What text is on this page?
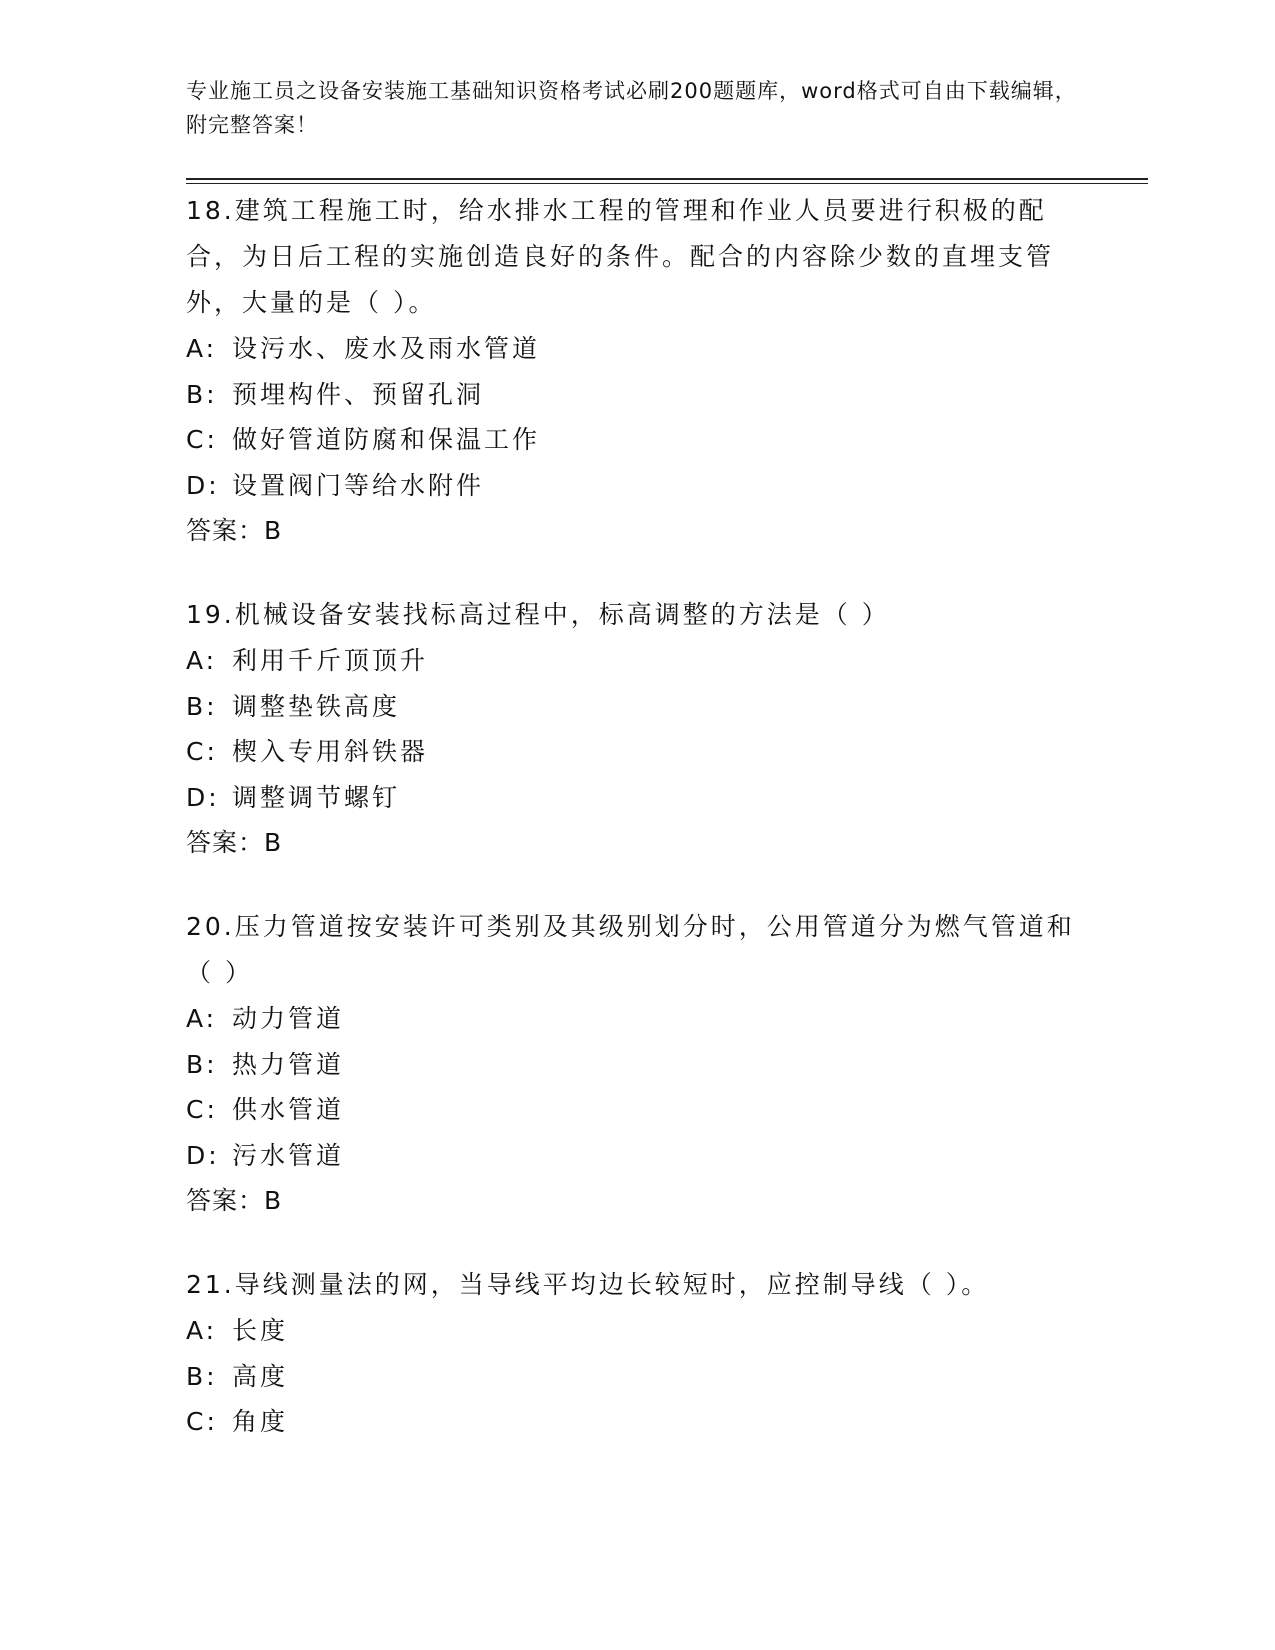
专业施工员之设备安装施工基础知识资格考试必刷200题题库，word格式可自由下载编辑，附完整答案！
18.建筑工程施工时，给水排水工程的管理和作业人员要进行积极的配合，为日后工程的实施创造良好的条件。配合的内容除少数的直埋支管外，大量的是（ ）。
A: 设污水、废水及雨水管道
B: 预埋构件、预留孔洞
C: 做好管道防腐和保温工作
D: 设置阀门等给水附件
答案：B
19.机械设备安装找标高过程中，标高调整的方法是（ ）
A: 利用千斤顶顶升
B: 调整垫铁高度
C: 楔入专用斜铁器
D: 调整调节螺钉
答案：B
20.压力管道按安装许可类别及其级别划分时，公用管道分为燃气管道和（ ）
A: 动力管道
B: 热力管道
C: 供水管道
D: 污水管道
答案：B
21.导线测量法的网，当导线平均边长较短时，应控制导线（ ）。
A: 长度
B: 高度
C: 角度
